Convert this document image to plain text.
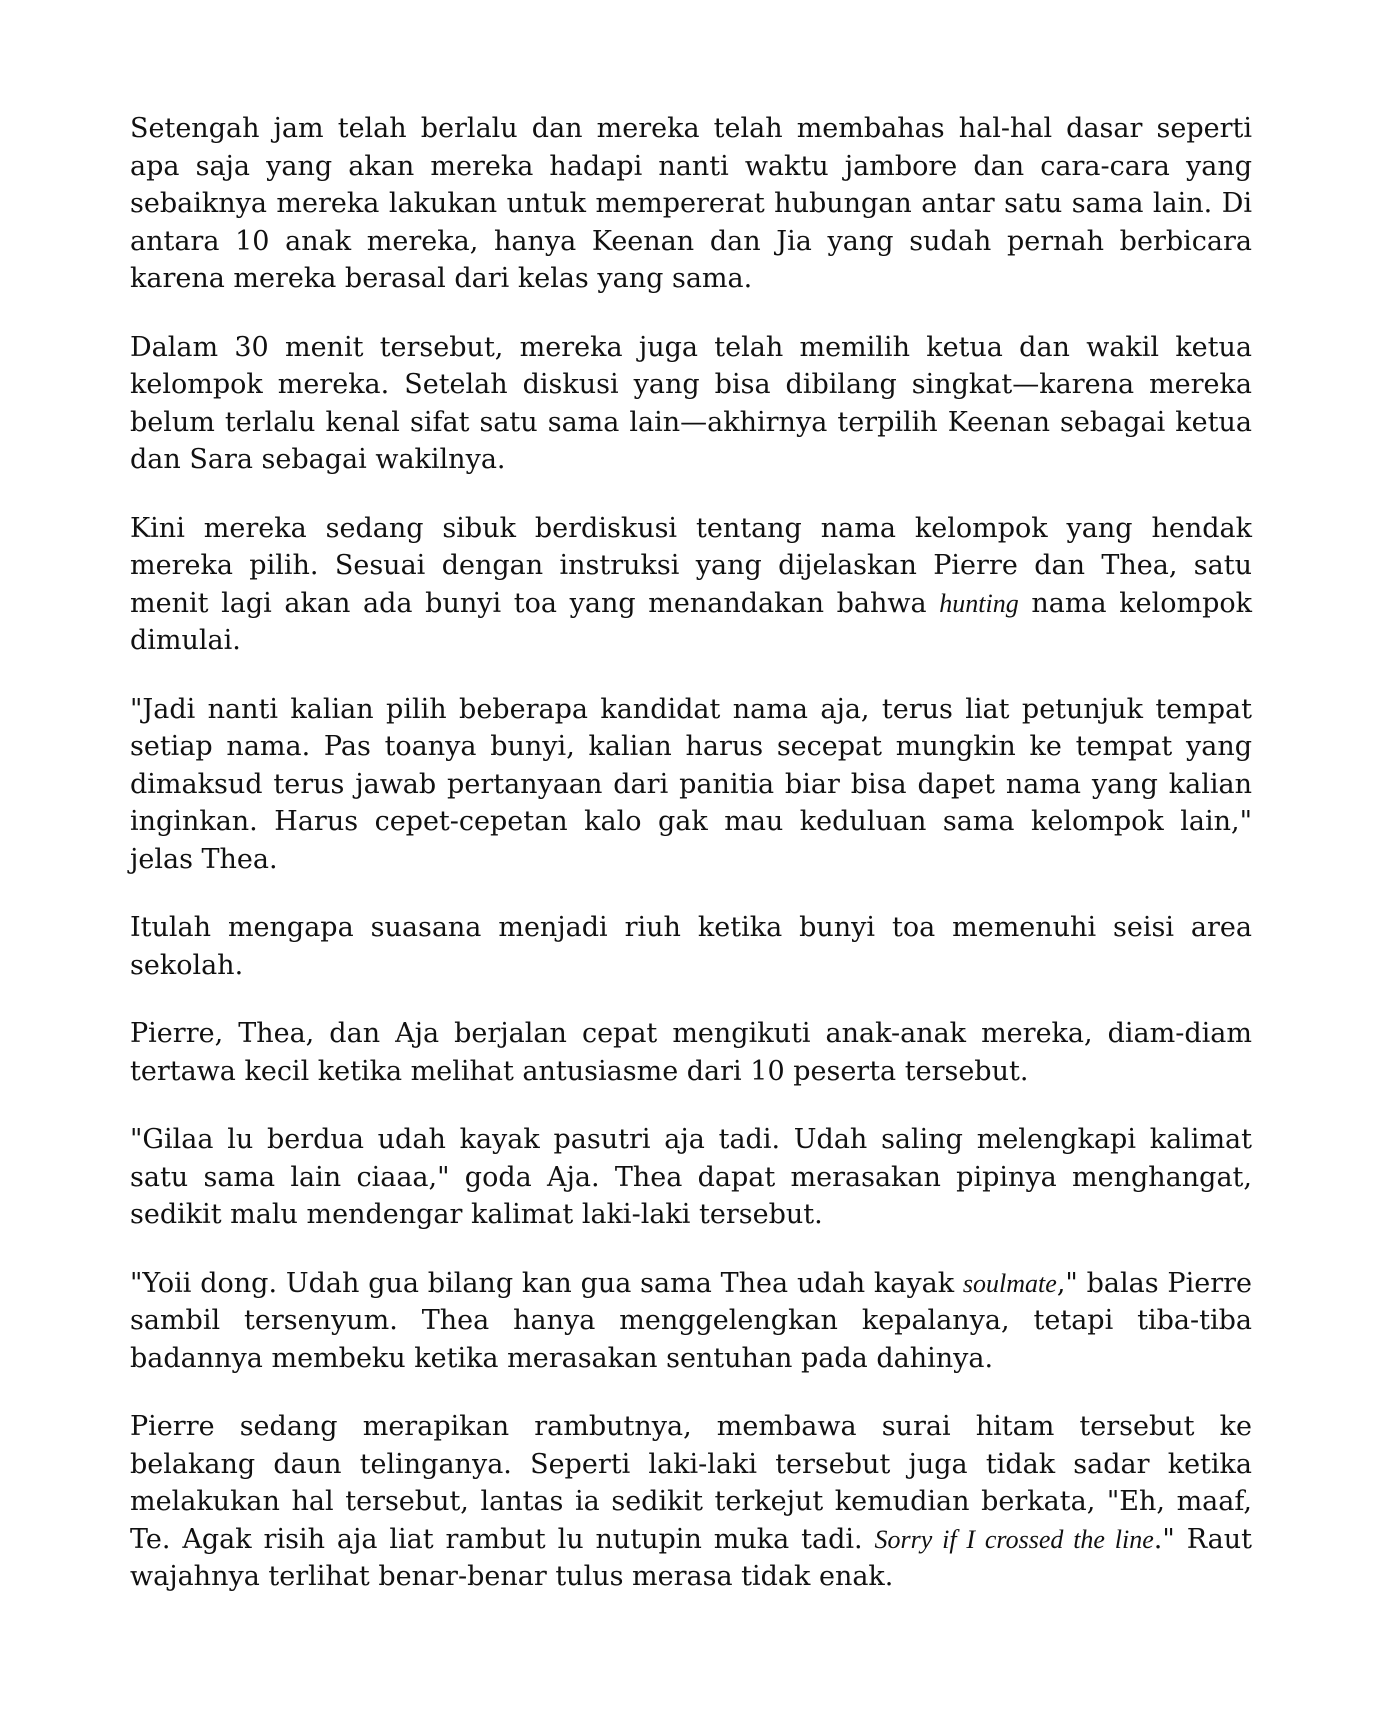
Setengah jam telah berlalu dan mereka telah membahas hal-hal dasar seperti apa saja yang akan mereka hadapi nanti waktu jambore dan cara-cara yang sebaiknya mereka lakukan untuk mempererat hubungan antar satu sama lain. Di antara 10 anak mereka, hanya Keenan dan Jia yang sudah pernah berbicara karena mereka berasal dari kelas yang sama.

Dalam 30 menit tersebut, mereka juga telah memilih ketua dan wakil ketua kelompok mereka. Setelah diskusi yang bisa dibilang singkat—karena mereka belum terlalu kenal sifat satu sama lain—akhirnya terpilih Keenan sebagai ketua dan Sara sebagai wakilnya.

Kini mereka sedang sibuk berdiskusi tentang nama kelompok yang hendak mereka pilih. Sesuai dengan instruksi yang dijelaskan Pierre dan Thea, satu menit lagi akan ada bunyi toa yang menandakan bahwa hunting nama kelompok dimulai.

"Jadi nanti kalian pilih beberapa kandidat nama aja, terus liat petunjuk tempat setiap nama. Pas toanya bunyi, kalian harus secepat mungkin ke tempat yang dimaksud terus jawab pertanyaan dari panitia biar bisa dapet nama yang kalian inginkan. Harus cepet-cepetan kalo gak mau keduluan sama kelompok lain," jelas Thea.

Itulah mengapa suasana menjadi riuh ketika bunyi toa memenuhi seisi area sekolah.

Pierre, Thea, dan Aja berjalan cepat mengikuti anak-anak mereka, diam-diam tertawa kecil ketika melihat antusiasme dari 10 peserta tersebut.

"Gilaa lu berdua udah kayak pasutri aja tadi. Udah saling melengkapi kalimat satu sama lain ciaaa," goda Aja. Thea dapat merasakan pipinya menghangat, sedikit malu mendengar kalimat laki-laki tersebut.

"Yoii dong. Udah gua bilang kan gua sama Thea udah kayak soulmate," balas Pierre sambil tersenyum. Thea hanya menggelengkan kepalanya, tetapi tiba-tiba badannya membeku ketika merasakan sentuhan pada dahinya.

Pierre sedang merapikan rambutnya, membawa surai hitam tersebut ke belakang daun telinganya. Seperti laki-laki tersebut juga tidak sadar ketika melakukan hal tersebut, lantas ia sedikit terkejut kemudian berkata, "Eh, maaf, Te. Agak risih aja liat rambut lu nutupin muka tadi. Sorry if I crossed the line." Raut wajahnya terlihat benar-benar tulus merasa tidak enak.
